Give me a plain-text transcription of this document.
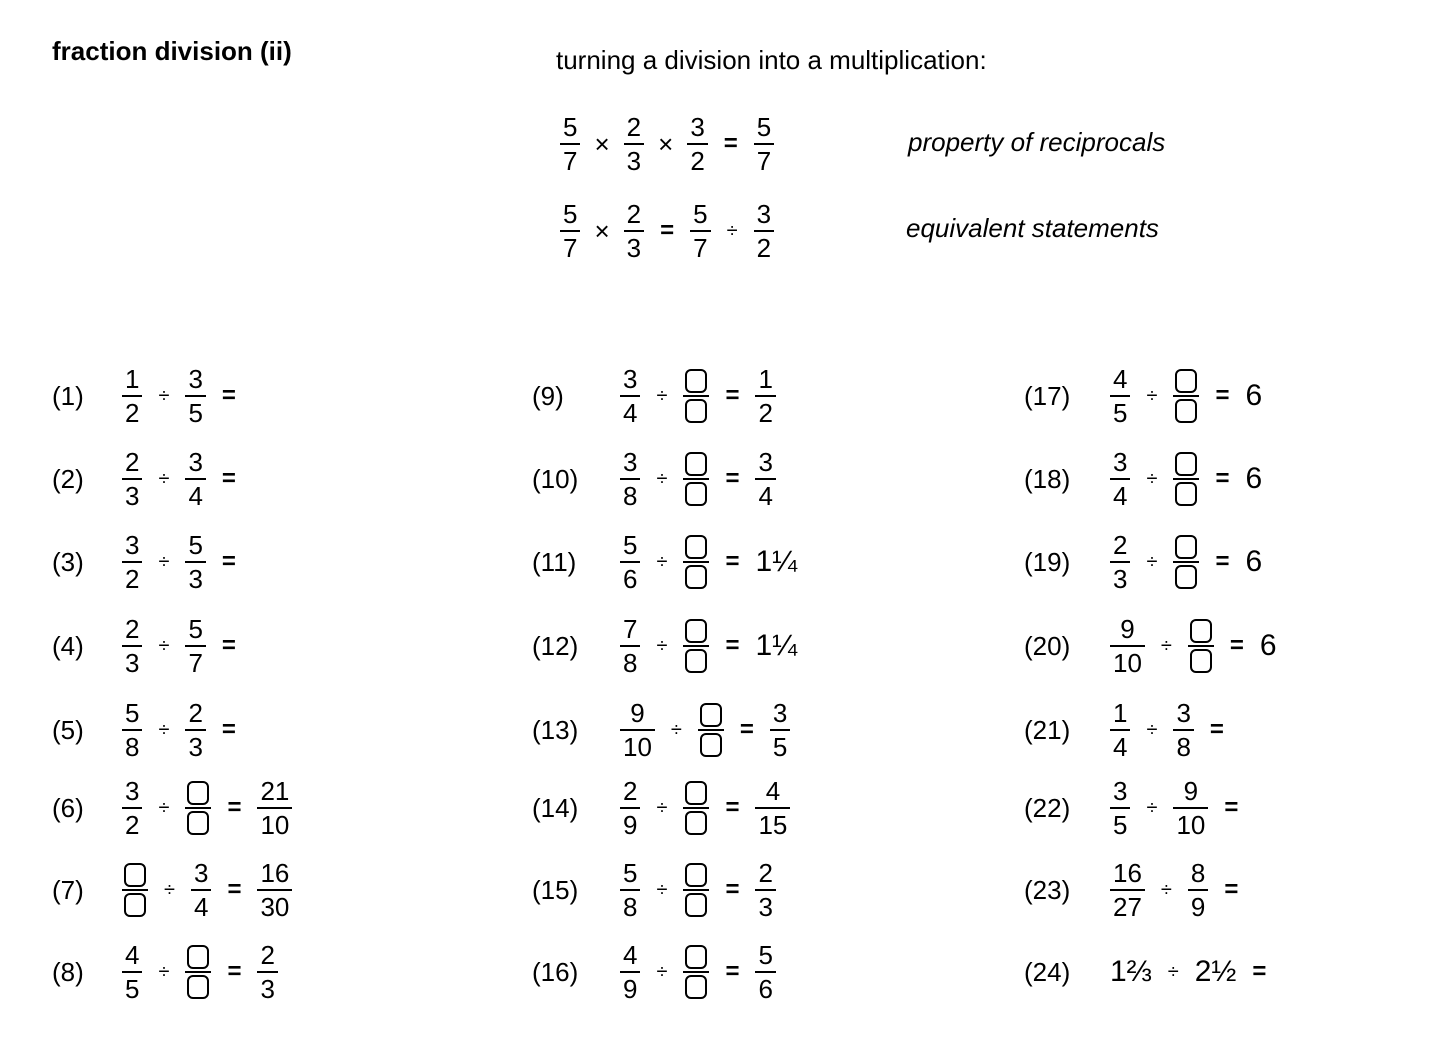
fraction division (ii)	turning a division into a multiplication:
$\frac{5}{7} \times \frac{2}{3} \times \frac{3}{2} = \frac{5}{7}$	property of reciprocals
$\frac{5}{7} \times \frac{2}{3} = \frac{5}{7} \div \frac{3}{2}$	equivalent statements
$(1) \frac{1}{2} \div \frac{3}{5}$ =
$(2) \frac{2}{3} \div \frac{3}{4}$ =
$(3) \frac{3}{2} \div \frac{5}{3}$ =
$(4) \frac{2}{3} \div \frac{5}{7}$ =
$(5) \frac{5}{8} \div \frac{2}{3}$ =
$(6) \frac{3}{2}$ ÷ = $\frac{21}{10}$
(7)	÷ $\frac{3}{4} = \frac{16}{30}$
$(8) \frac{4}{5}$ ÷ = $\frac{2}{3}$
$(9) \frac{3}{4}$ ÷ = $\frac{1}{2}$
$(10) \frac{3}{8}$ ÷ = $\frac{3}{4}$
$(11) \frac{5}{6}$ ÷ = 1¼
$(12) \frac{7}{8}$ ÷ = 1¼
$(13) \frac{9}{10}$ ÷ = $\frac{3}{5}$
$(14) \frac{2}{9}$ ÷ = $\frac{4}{15}$
$(15) \frac{5}{8}$ ÷ = $\frac{2}{3}$
$(16) \frac{4}{9}$ ÷ = $\frac{5}{6}$
$(17) \frac{4}{5}$ ÷ = 6
$(18) \frac{3}{4}$ ÷ = 6
$(19) \frac{2}{3}$ ÷ = 6
$(20) \frac{9}{10}$ ÷ = 6
$(21) \frac{1}{4} \div \frac{3}{8}$ =
$(22) \frac{3}{5} \div \frac{9}{10}$ =
$(23) \frac{16}{27} \div \frac{8}{9}$ =
(24) 1⅔ ÷ 2½ =
